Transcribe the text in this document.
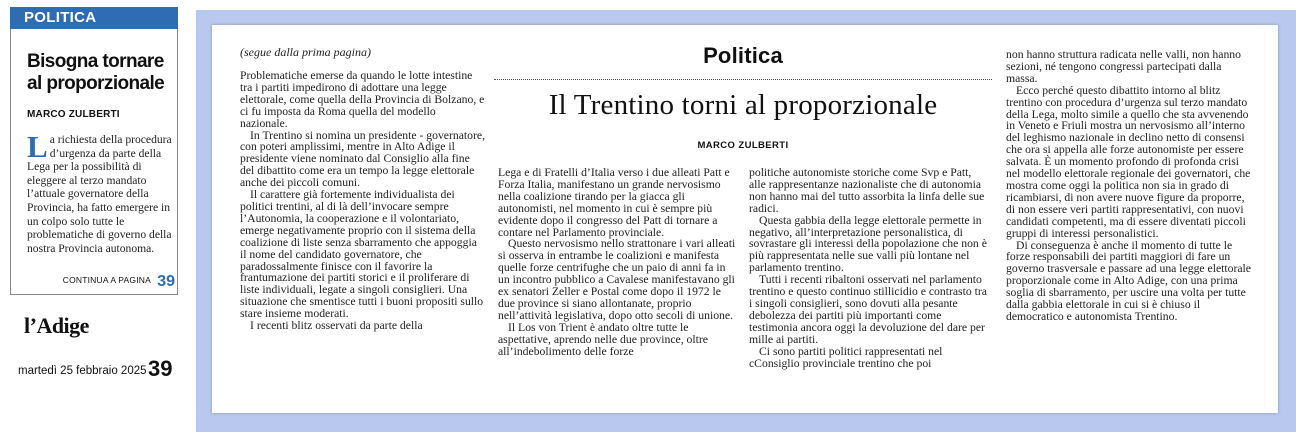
POLITICA
Bisogna tornare al proporzionale
MARCO ZULBERTI
La richiesta della procedura d’urgenza da parte della Lega per la possibilità di eleggere al terzo mandato l’attuale governatore della Provincia, ha fatto emergere in un colpo solo tutte le problematiche di governo della nostra Provincia autonoma.
CONTINUA A PAGINA 39
l’Adige
martedì 25 febbraio 2025 39
(segue dalla prima pagina)

Problematiche emerse da quando le lotte intestine tra i partiti impedirono di adottare una legge elettorale, come quella della Provincia di Bolzano, e ci fu imposta da Roma quella del modello nazionale.

In Trentino si nomina un presidente - governatore, con poteri amplissimi, mentre in Alto Adige il presidente viene nominato dal Consiglio alla fine del dibattito come era un tempo la legge elettorale anche dei piccoli comuni.

Il carattere già fortemente individualista dei politici trentini, al di là dell’invocare sempre l’Autonomia, la cooperazione e il volontariato, emerge negativamente proprio con il sistema della coalizione di liste senza sbarramento che appoggia il nome del candidato governatore, che paradossalmente finisce con il favorire la frantumazione dei partiti storici e il proliferare di liste individuali, legate a singoli consiglieri. Una situazione che smentisce tutti i buoni propositi sullo stare insieme moderati.

I recenti blitz osservati da parte della

Politica
Il Trentino torni al proporzionale
MARCO ZULBERTI

Lega e di Fratelli d’Italia verso i due alleati Patt e Forza Italia, manifestano un grande nervosismo nella coalizione tirando per la giacca gli autonomisti, nel momento in cui è sempre più evidente dopo il congresso del Patt di tornare a contare nel Parlamento provinciale.

Questo nervosismo nello strattonare i vari alleati si osserva in entrambe le coalizioni e manifesta quelle forze centrifughe che un paio di anni fa in un incontro pubblico a Cavalese manifestavano gli ex senatori Zeller e Postal come dopo il 1972 le due province si siano allontanate, proprio nell’attività legislativa, dopo otto secoli di unione.

Il Los von Trient è andato oltre tutte le aspettative, aprendo nelle due province, oltre all’indebolimento delle forze

politiche autonomiste storiche come Svp e Patt, alle rappresentanze nazionaliste che di autonomia non hanno mai del tutto assorbita la linfa delle sue radici.

Questa gabbia della legge elettorale permette in negativo, all’interpretazione personalistica, di sovrastare gli interessi della popolazione che non è più rappresentata nelle sue valli più lontane nel parlamento trentino.

Tutti i recenti ribaltoni osservati nel parlamento trentino e questo continuo stillicidio e contrasto tra i singoli consiglieri, sono dovuti alla pesante debolezza dei partiti più importanti come testimonia ancora oggi la devoluzione del dare per mille ai partiti.

Ci sono partiti politici rappresentati nel cConsiglio provinciale trentino che poi

non hanno struttura radicata nelle valli, non hanno sezioni, né tengono congressi partecipati dalla massa.

Ecco perché questo dibattito intorno al blitz trentino con procedura d’urgenza sul terzo mandato della Lega, molto simile a quello che sta avvenendo in Veneto e Friuli mostra un nervosismo all’interno del leghismo nazionale in declino netto di consensi che ora si appella alle forze autonomiste per essere salvata. È un momento profondo di profonda crisi nel modello elettorale regionale dei governatori, che mostra come oggi la politica non sia in grado di ricambiarsi, di non avere nuove figure da proporre, di non essere veri partiti rappresentativi, con nuovi candidati competenti, ma di essere diventati piccoli gruppi di interessi personalistici.

Di conseguenza è anche il momento di tutte le forze responsabili dei partiti maggiori di fare un governo trasversale e passare ad una legge elettorale proporzionale come in Alto Adige, con una prima soglia di sbarramento, per uscire una volta per tutte dalla gabbia elettorale in cui si è chiuso il democratico e autonomista Trentino.
